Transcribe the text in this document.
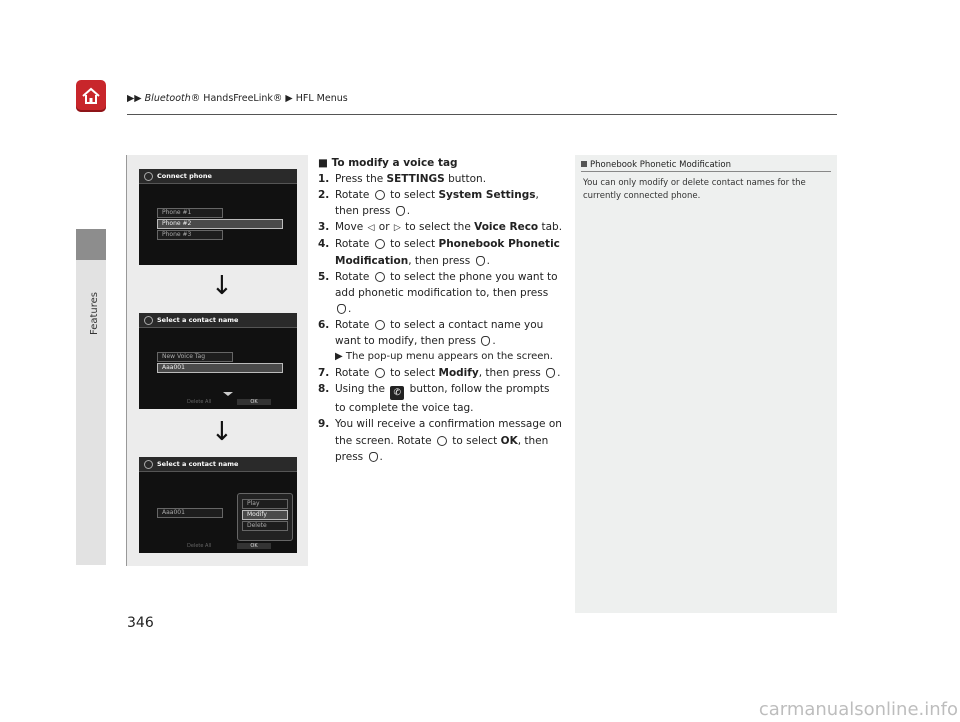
▶▶ Bluetooth® HandsFreeLink® ▶ HFL Menus
Features
Connect phone
Phone #1
Phone #2
Phone #3
↓
Select a contact name
New Voice Tag
Aaa001
Delete All	OK
↓
Select a contact name
Aaa001
Play
Modify
Delete
Delete All	OK
■ To modify a voice tag

1. Press the SETTINGS button.

2. Rotate to select System Settings, then press .

3. Move ◁ or ▷ to select the Voice Reco tab.

4. Rotate to select Phonebook Phonetic Modification, then press .

5. Rotate to select the phone you want to add phonetic modification to, then press .

6. Rotate to select a contact name you want to modify, then press .

▶ The pop-up menu appears on the screen.

7. Rotate to select Modify, then press .

8. Using the ✆ button, follow the prompts to complete the voice tag.

9. You will receive a confirmation message on the screen. Rotate to select OK, then press .

Phonebook Phonetic Modification
You can only modify or delete contact names for the currently connected phone.
346
carmanualsonline.info
